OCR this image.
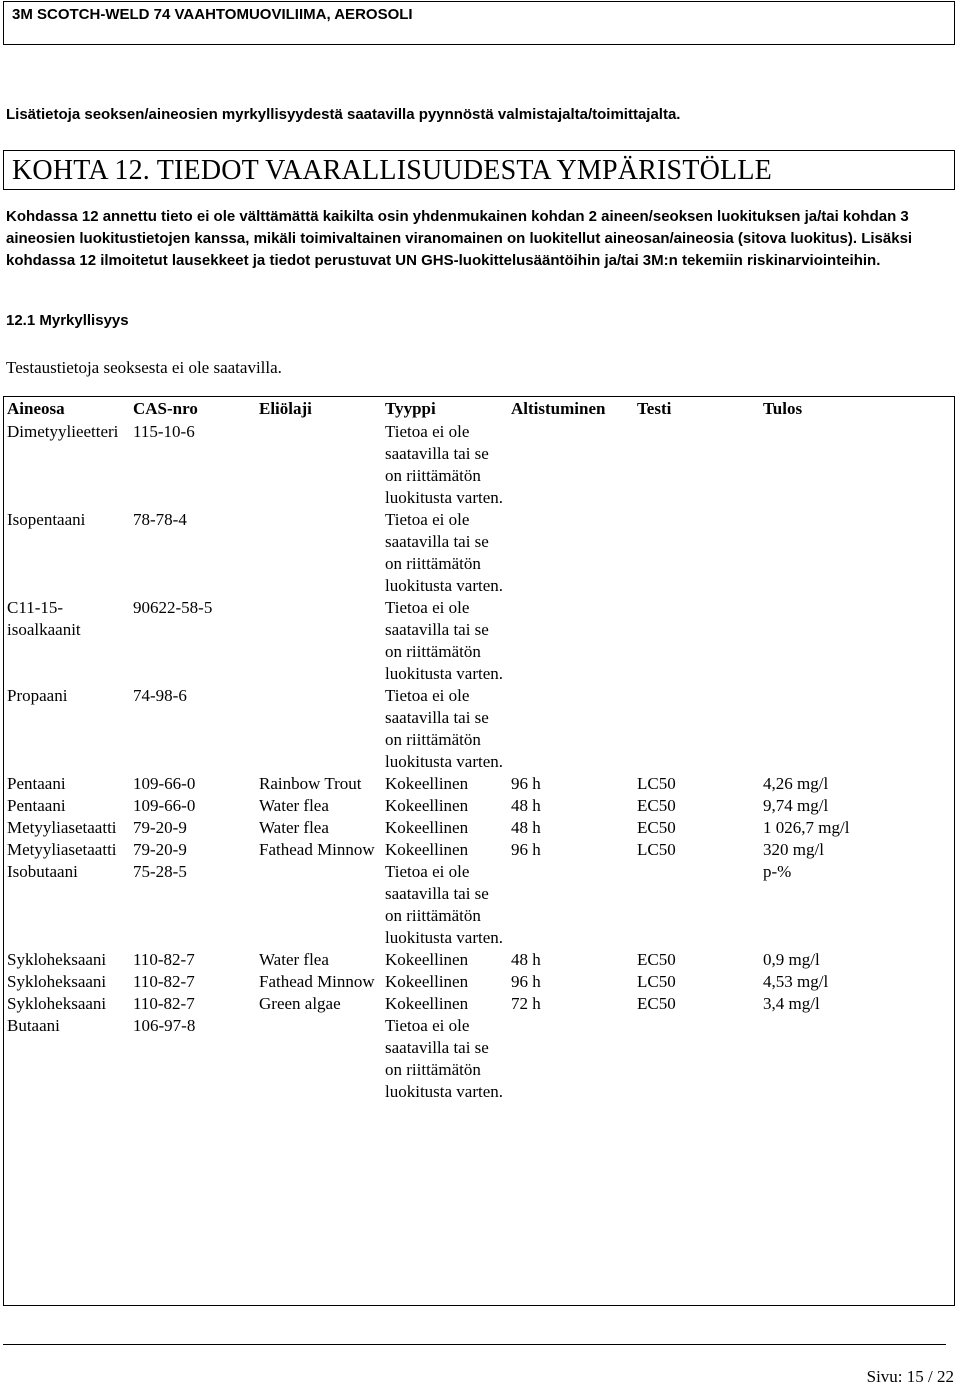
3M SCOTCH-WELD 74 VAAHTOMUOVILIIMA, AEROSOLI
Lisätietoja seoksen/aineosien myrkyllisyydestä saatavilla pyynnöstä valmistajalta/toimittajalta.
KOHTA 12. TIEDOT VAARALLISUUDESTA YMPÄRISTÖLLE
Kohdassa 12 annettu tieto ei ole välttämättä kaikilta osin yhdenmukainen kohdan 2 aineen/seoksen luokituksen ja/tai kohdan 3 aineosien luokitustietojen kanssa, mikäli toimivaltainen viranomainen on luokitellut aineosan/aineosia (sitova luokitus). Lisäksi kohdassa 12 ilmoitetut lausekkeet ja tiedot perustuvat UN GHS-luokittelusääntöihin ja/tai 3M:n tekemiin riskinarviointeihin.
12.1 Myrkyllisyys
Testaustietoja seoksesta ei ole saatavilla.
Aineosa	CAS-nro	Eliölaji	Tyyppi	Altistuminen	Testi	Tulos
Dimetyylieetteri	115-10-6		Tietoa ei ole saatavilla tai se on riittämätön luokitusta varten.			
Isopentaani	78-78-4		Tietoa ei ole saatavilla tai se on riittämätön luokitusta varten.			
C11-15-isoalkaanit	90622-58-5		Tietoa ei ole saatavilla tai se on riittämätön luokitusta varten.			
Propaani	74-98-6		Tietoa ei ole saatavilla tai se on riittämätön luokitusta varten.			
Pentaani	109-66-0	Rainbow Trout	Kokeellinen	96 h	LC50	4,26 mg/l
Pentaani	109-66-0	Water flea	Kokeellinen	48 h	EC50	9,74 mg/l
Metyyliasetaatti	79-20-9	Water flea	Kokeellinen	48 h	EC50	1 026,7 mg/l
Metyyliasetaatti	79-20-9	Fathead Minnow	Kokeellinen	96 h	LC50	320 mg/l
Isobutaani	75-28-5		Tietoa ei ole saatavilla tai se on riittämätön luokitusta varten.			p-%
Sykloheksaani	110-82-7	Water flea	Kokeellinen	48 h	EC50	0,9 mg/l
Sykloheksaani	110-82-7	Fathead Minnow	Kokeellinen	96 h	LC50	4,53 mg/l
Sykloheksaani	110-82-7	Green algae	Kokeellinen	72 h	EC50	3,4 mg/l
Butaani	106-97-8		Tietoa ei ole saatavilla tai se on riittämätön luokitusta varten.			
Sivu: 15 / 22
